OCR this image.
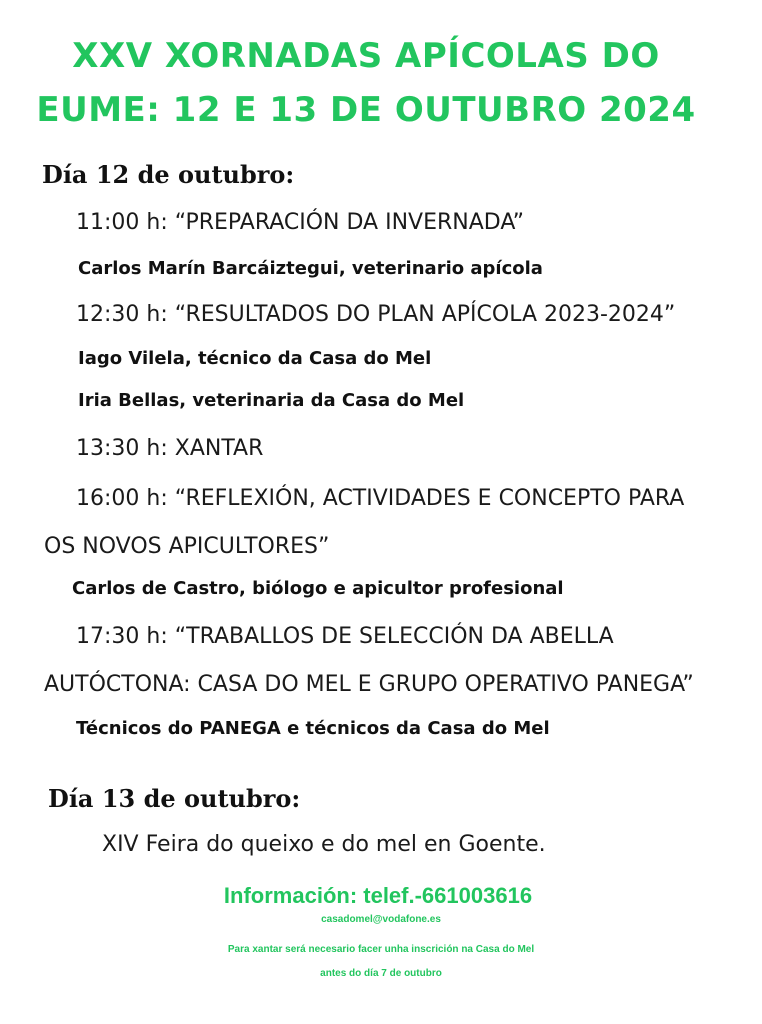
XXV XORNADAS APÍCOLAS DO
EUME: 12 E 13 DE OUTUBRO 2024
Día 12 de outubro:
11:00 h: “PREPARACIÓN DA INVERNADA”
Carlos Marín Barcáiztegui, veterinario apícola
12:30 h: “RESULTADOS DO PLAN APÍCOLA 2023-2024”
Iago Vilela, técnico da Casa do Mel
Iria Bellas, veterinaria da Casa do Mel
13:30 h: XANTAR
16:00 h: “REFLEXIÓN, ACTIVIDADES E CONCEPTO PARA
OS NOVOS APICULTORES”
Carlos de Castro, biólogo e apicultor profesional
17:30 h: “TRABALLOS DE SELECCIÓN DA ABELLA
AUTÓCTONA: CASA DO MEL E GRUPO OPERATIVO PANEGA”
Técnicos do PANEGA e técnicos da Casa do Mel
Día 13 de outubro:
XIV Feira do queixo e do mel en Goente.
Información: telef.-661003616
casadomel@vodafone.es
Para xantar será necesario facer unha inscrición na Casa do Mel
antes do día 7 de outubro
